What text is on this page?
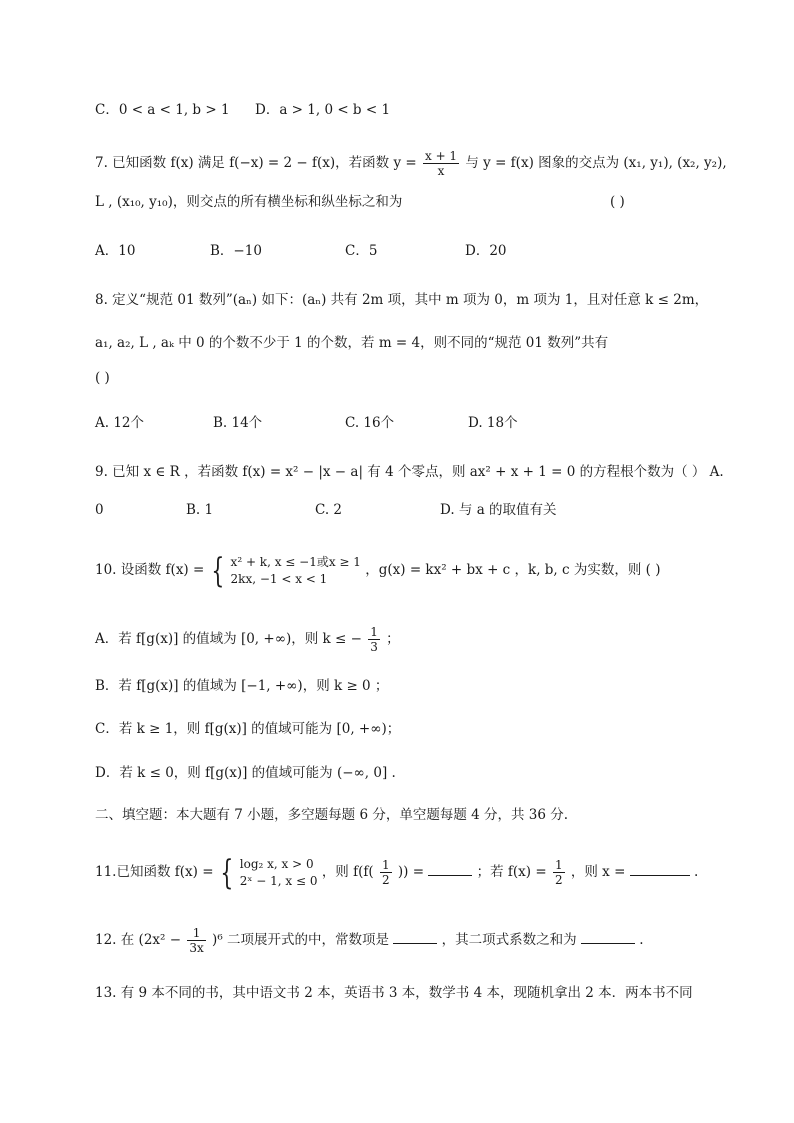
C．0 < a < 1, b > 1 D．a > 1, 0 < b < 1
7. 已知函数 f(x) 满足 f(−x) = 2 − f(x)，若函数 $y = \frac{x + 1}{x}$ 与 y = f(x) 图象的交点为 (x₁, y₁), (x₂, y₂),
L , (x₁₀, y₁₀)，则交点的所有横坐标和纵坐标之和为	( )
A．10	B．−10	C．5	D．20
8. 定义“规范 01 数列”(aₙ) 如下：(aₙ) 共有 2m 项，其中 m 项为 0，m 项为 1，且对任意 k ≤ 2m，
a₁, a₂, L , aₖ 中 0 的个数不少于 1 的个数，若 m = 4，则不同的“规范 01 数列”共有
( )
A. 12个	B. 14个	C. 16个	D. 18个
9. 已知 x ∈ R ，若函数 f(x) = x² − |x − a| 有 4 个零点，则 ax² + x + 1 = 0 的方程根个数为（ ） A.
0	B. 1	C. 2	D. 与 a 的取值有关
10. 设函数 f(x) = { x² + k, x ≤ −1或x ≥ 1
2kx, −1 < x < 1
，g(x) = kx² + bx + c ，k, b, c 为实数，则 ( )
A．若 f[g(x)] 的值域为 [0, +∞)，则 k ≤ − $\frac{1}{3}$ ；
B．若 f[g(x)] 的值域为 [−1, +∞)，则 k ≥ 0 ；
C．若 k ≥ 1，则 f[g(x)] 的值域可能为 [0, +∞)；
D．若 k ≤ 0，则 f[g(x)] 的值域可能为 (−∞, 0] .
二、填空题：本大题有 7 小题，多空题每题 6 分，单空题每题 4 分，共 36 分.
11.已知函数 f(x) = { log₂ x, x > 0
2ˣ − 1, x ≤ 0
，则 $f(f( \frac{1}{2}$ )) =	；若 $f(x) = \frac{1}{2}$ ，则 x =	.
12. 在 $(2x^2 - \frac{1}{3x} )^6$ 二项展开式的中，常数项是	，其二项式系数之和为	.
13. 有 9 本不同的书，其中语文书 2 本，英语书 3 本，数学书 4 本，现随机拿出 2 本．两本书不同
